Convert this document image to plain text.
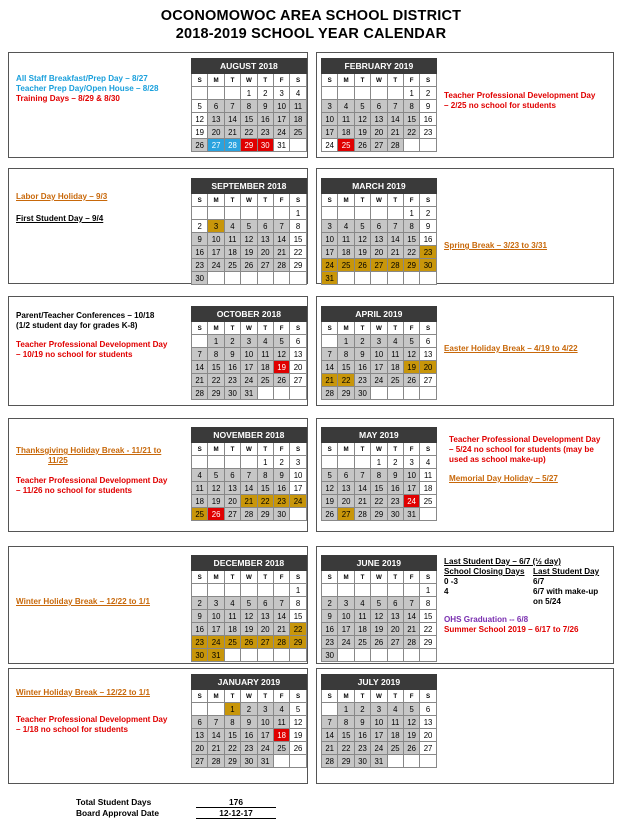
OCONOMOWOC AREA SCHOOL DISTRICT
2018-2019 SCHOOL YEAR CALENDAR
AUGUST 2018						
S	M	T	W	T	F	S
			1	2	3	4
5	6	7	8	9	10	11
12	13	14	15	16	17	18
19	20	21	22	23	24	25
26	27	28	29	30	31	
FEBRUARY 2019						
S	M	T	W	T	F	S
					1	2
3	4	5	6	7	8	9
10	11	12	13	14	15	16
17	18	19	20	21	22	23
24	25	26	27	28		
SEPTEMBER 2018						
S	M	T	W	T	F	S
						1
2	3	4	5	6	7	8
9	10	11	12	13	14	15
16	17	18	19	20	21	22
23	24	25	26	27	28	29
30						
MARCH 2019						
S	M	T	W	T	F	S
					1	2
3	4	5	6	7	8	9
10	11	12	13	14	15	16
17	18	19	20	21	22	23
24	25	26	27	28	29	30
31						
OCTOBER 2018						
S	M	T	W	T	F	S
	1	2	3	4	5	6
7	8	9	10	11	12	13
14	15	16	17	18	19	20
21	22	23	24	25	26	27
28	29	30	31			
APRIL 2019						
S	M	T	W	T	F	S
	1	2	3	4	5	6
7	8	9	10	11	12	13
14	15	16	17	18	19	20
21	22	23	24	25	26	27
28	29	30				
NOVEMBER 2018						
S	M	T	W	T	F	S
				1	2	3
4	5	6	7	8	9	10
11	12	13	14	15	16	17
18	19	20	21	22	23	24
25	26	27	28	29	30	
MAY 2019						
S	M	T	W	T	F	S
			1	2	3	4
5	6	7	8	9	10	11
12	13	14	15	16	17	18
19	20	21	22	23	24	25
26	27	28	29	30	31	
DECEMBER 2018						
S	M	T	W	T	F	S
						1
2	3	4	5	6	7	8
9	10	11	12	13	14	15
16	17	18	19	20	21	22
23	24	25	26	27	28	29
30	31					
JUNE 2019						
S	M	T	W	T	F	S
						1
2	3	4	5	6	7	8
9	10	11	12	13	14	15
16	17	18	19	20	21	22
23	24	25	26	27	28	29
30						
JANUARY 2019						
S	M	T	W	T	F	S
		1	2	3	4	5
6	7	8	9	10	11	12
13	14	15	16	17	18	19
20	21	22	23	24	25	26
27	28	29	30	31		
JULY 2019						
S	M	T	W	T	F	S
	1	2	3	4	5	6
7	8	9	10	11	12	13
14	15	16	17	18	19	20
21	22	23	24	25	26	27
28	29	30	31			
All Staff Breakfast/Prep Day – 8/27
Teacher Prep Day/Open House – 8/28
Training Days – 8/29 & 8/30	Teacher Professional Development Day
– 2/25 no school for students
Labor Day Holiday – 9/3
First Student Day – 9/4
Spring Break – 3/23 to 3/31
Parent/Teacher Conferences – 10/18
(1/2 student day for grades K-8)
Teacher Professional Development Day
– 10/19 no school for students
Easter Holiday Break – 4/19 to 4/22
Thanksgiving Holiday Break - 11/21 to
11/25
Teacher Professional Development Day
– 11/26 no school for students
Teacher Professional Development Day
– 5/24 no school for students (may be
used as school make-up)
Memorial Day Holiday – 5/27
Winter Holiday Break – 12/22 to 1/1
Last Student Day – 6/7 (½ day)
School Closing Days Last Student Day
0 -3	6/7
4	6/7 with make-up
on 5/24
OHS Graduation -- 6/8
Summer School 2019 – 6/17 to 7/26
Winter Holiday Break – 12/22 to 1/1
Teacher Professional Development Day
– 1/18 no school for students
Total Student Days	176
Board Approval Date	12-12-17
